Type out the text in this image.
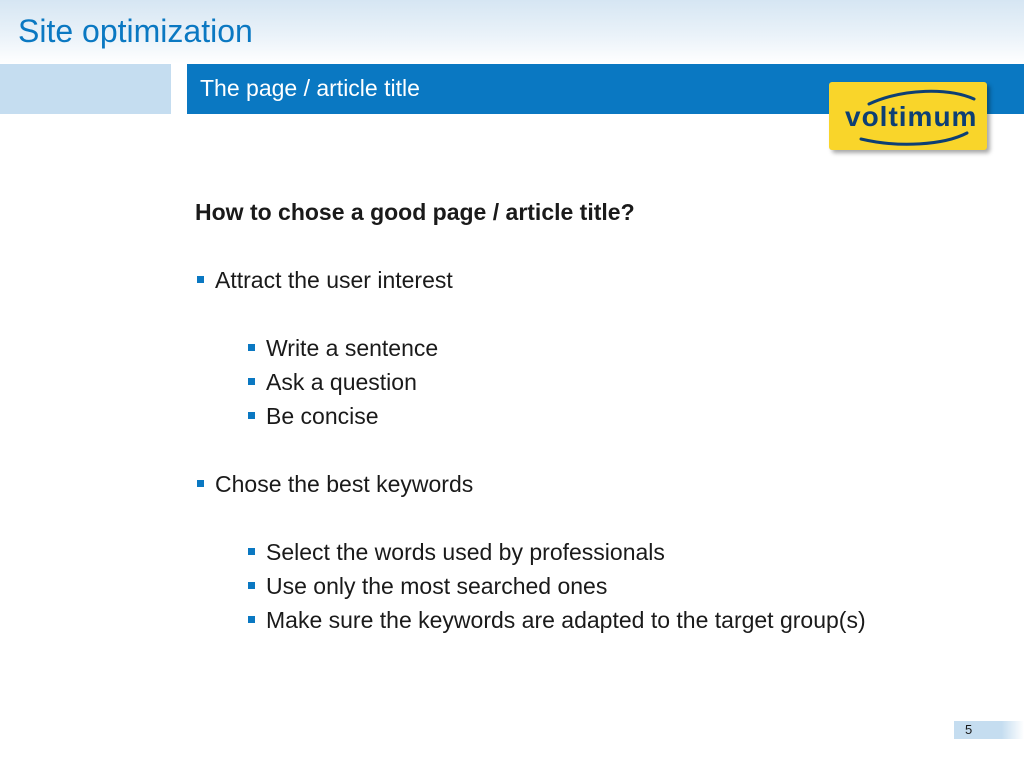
Site optimization
The page / article title
voltimum

How to chose a good page / article title?

Attract the user interest
Write a sentence
Ask a question
Be concise
Chose the best keywords
Select the words used by professionals
Use only the most searched ones
Make sure the keywords are adapted to the target group(s)
5
